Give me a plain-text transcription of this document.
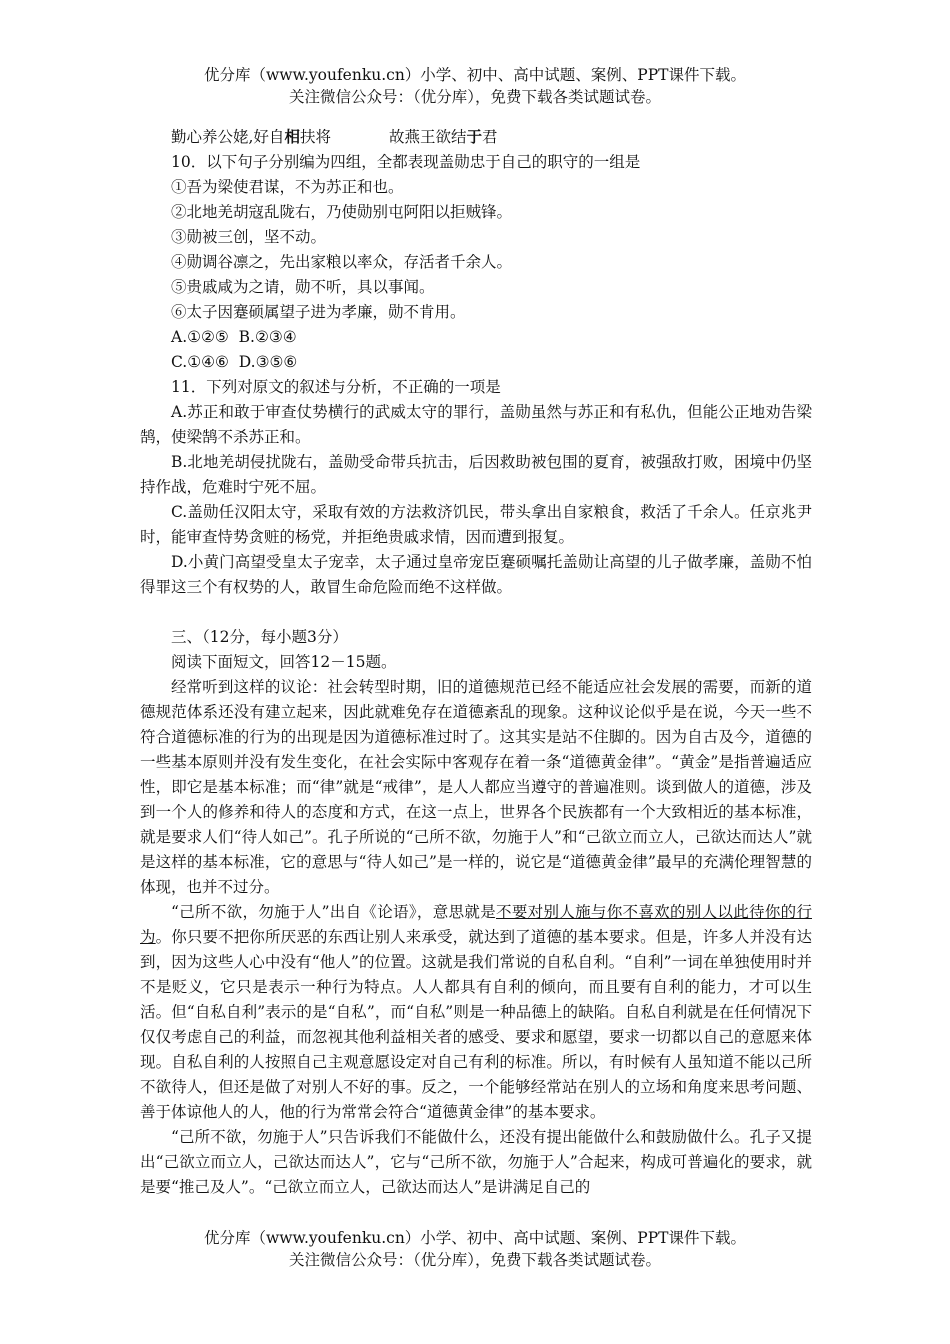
优分库（www.youfenku.cn）小学、初中、高中试题、案例、PPT课件下载。
关注微信公众号：（优分库），免费下载各类试题试卷。

勤心养公姥,好自相扶将	故燕王欲结于君

10．以下句子分别编为四组，全都表现盖勋忠于自己的职守的一组是

①吾为梁使君谋，不为苏正和也。

②北地羌胡寇乱陇右，乃使勋别屯阿阳以拒贼锋。

③勋被三创，坚不动。

④勋调谷凛之，先出家粮以率众，存活者千余人。

⑤贵戚咸为之请，勋不听，具以事闻。

⑥太子因蹇硕属望子进为孝廉，勋不肯用。

A.①②⑤  B.②③④

C.①④⑥  D.③⑤⑥

11．下列对原文的叙述与分析，不正确的一项是

A.苏正和敢于审查仗势横行的武威太守的罪行，盖勋虽然与苏正和有私仇，但能公正地劝告梁鹄，使梁鹄不杀苏正和。

B.北地羌胡侵扰陇右，盖勋受命带兵抗击，后因救助被包围的夏育，被强敌打败，困境中仍坚持作战，危难时宁死不屈。

C.盖勋任汉阳太守，采取有效的方法救济饥民，带头拿出自家粮食，救活了千余人。任京兆尹时，能审查恃势贪赃的杨党，并拒绝贵戚求情，因而遭到报复。

D.小黄门高望受皇太子宠幸，太子通过皇帝宠臣蹇硕嘱托盖勋让高望的儿子做孝廉，盖勋不怕得罪这三个有权势的人，敢冒生命危险而绝不这样做。

三、（12分，每小题3分）

阅读下面短文，回答12－15题。

经常听到这样的议论：社会转型时期，旧的道德规范已经不能适应社会发展的需要，而新的道德规范体系还没有建立起来，因此就难免存在道德紊乱的现象。这种议论似乎是在说，今天一些不符合道德标准的行为的出现是因为道德标准过时了。这其实是站不住脚的。因为自古及今，道德的一些基本原则并没有发生变化，在社会实际中客观存在着一条“道德黄金律”。“黄金”是指普遍适应性，即它是基本标准；而“律”就是“戒律”，是人人都应当遵守的普遍准则。谈到做人的道德，涉及到一个人的修养和待人的态度和方式，在这一点上，世界各个民族都有一个大致相近的基本标准，就是要求人们“待人如己”。孔子所说的“己所不欲，勿施于人”和“己欲立而立人，己欲达而达人”就是这样的基本标准，它的意思与“待人如己”是一样的，说它是“道德黄金律”最早的充满伦理智慧的体现，也并不过分。

“己所不欲，勿施于人”出自《论语》，意思就是不要对别人施与你不喜欢的别人以此待你的行为。你只要不把你所厌恶的东西让别人来承受，就达到了道德的基本要求。但是，许多人并没有达到，因为这些人心中没有“他人”的位置。这就是我们常说的自私自利。“自利”一词在单独使用时并不是贬义，它只是表示一种行为特点。人人都具有自利的倾向，而且要有自利的能力，才可以生活。但“自私自利”表示的是“自私”，而“自私”则是一种品德上的缺陷。自私自利就是在任何情况下仅仅考虑自己的利益，而忽视其他利益相关者的感受、要求和愿望，要求一切都以自己的意愿来体现。自私自利的人按照自己主观意愿设定对自己有利的标准。所以，有时候有人虽知道不能以己所不欲待人，但还是做了对别人不好的事。反之，一个能够经常站在别人的立场和角度来思考问题、善于体谅他人的人，他的行为常常会符合“道德黄金律”的基本要求。

“己所不欲，勿施于人”只告诉我们不能做什么，还没有提出能做什么和鼓励做什么。孔子又提出“己欲立而立人，己欲达而达人”，它与“己所不欲，勿施于人”合起来，构成可普遍化的要求，就是要“推己及人”。“己欲立而立人，己欲达而达人”是讲满足自己的

优分库（www.youfenku.cn）小学、初中、高中试题、案例、PPT课件下载。
关注微信公众号：（优分库），免费下载各类试题试卷。
